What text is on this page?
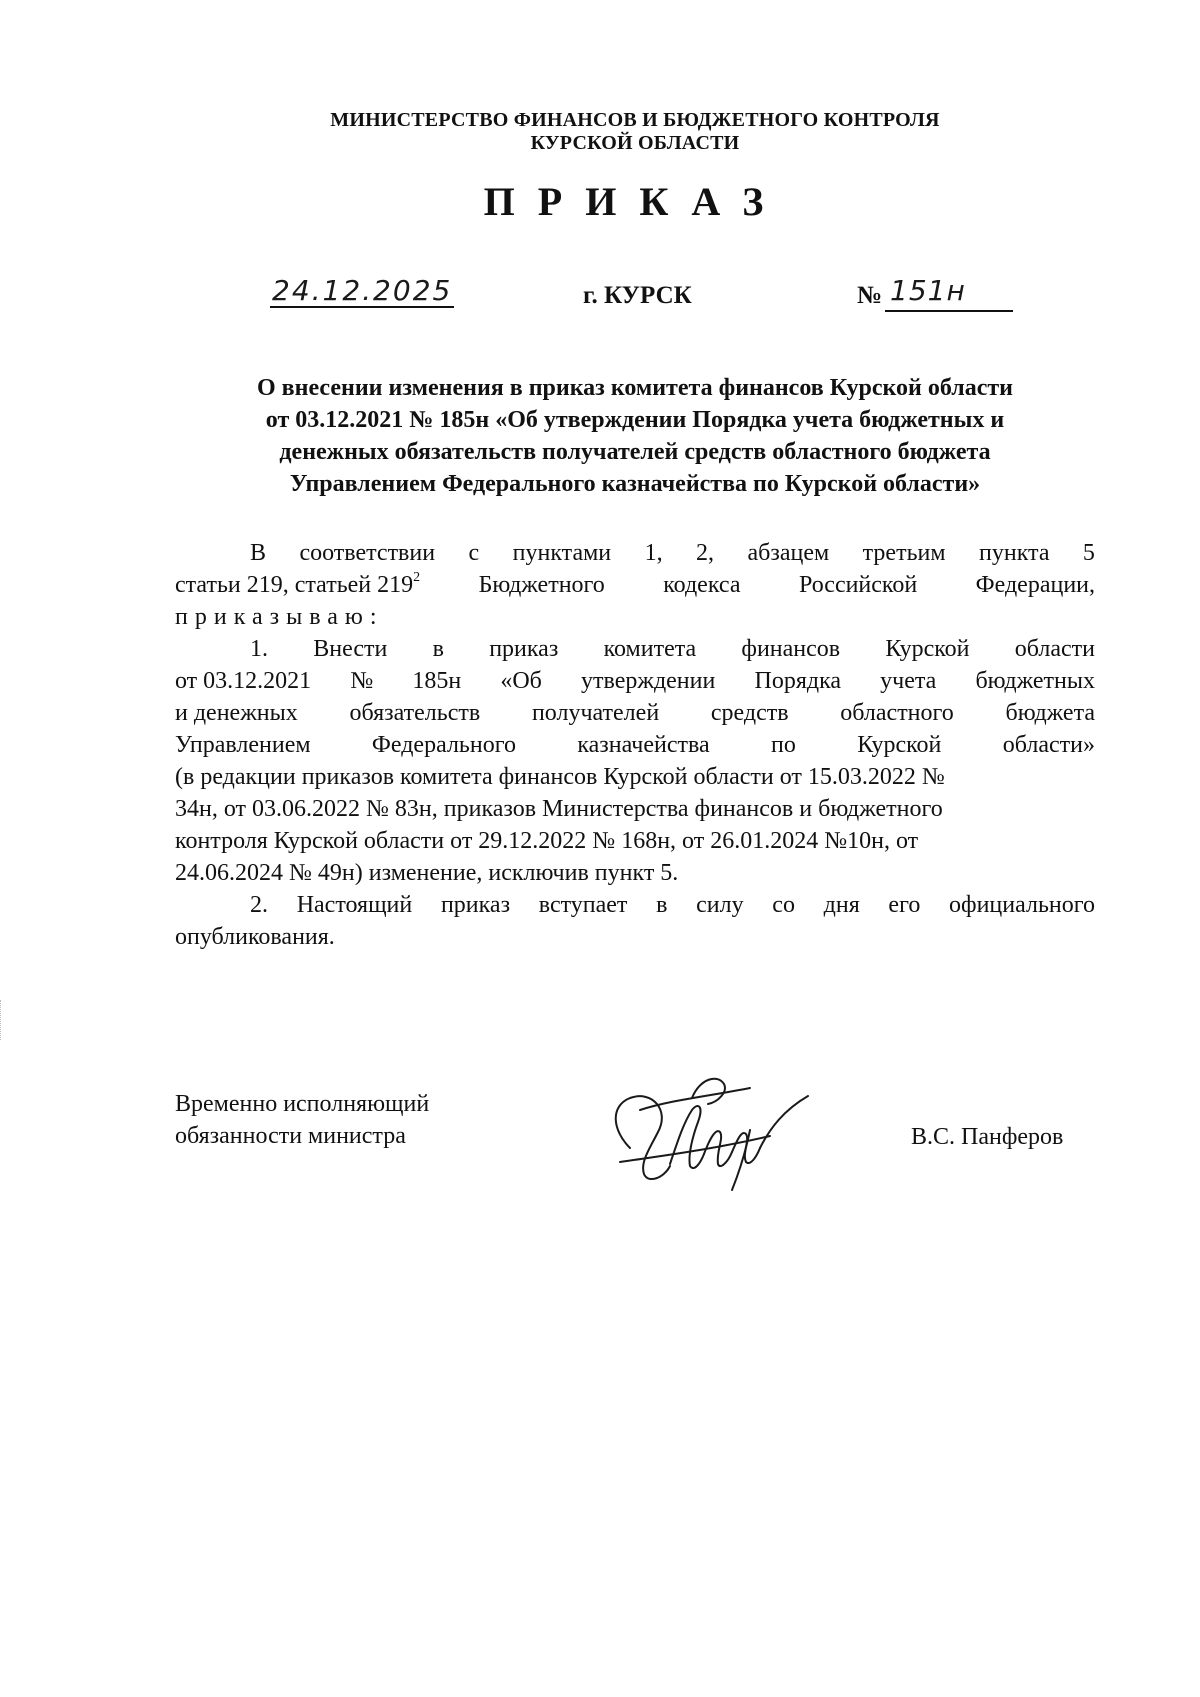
МИНИСТЕРСТВО ФИНАНСОВ И БЮДЖЕТНОГО КОНТРОЛЯ
КУРСКОЙ ОБЛАСТИ
ПРИКАЗ
24.12.2025	г. КУРСК	№ 151н
О внесении изменения в приказ комитета финансов Курской области
от 03.12.2021 № 185н «Об утверждении Порядка учета бюджетных и
денежных обязательств получателей средств областного бюджета
Управлением Федерального казначейства по Курской области»
В соответствии с пунктами 1, 2, абзацем третьим пункта 5
статьи 219, статьей $219^2$ Бюджетного кодекса Российской Федерации,
приказываю:
1. Внести в приказ комитета финансов Курской области
от 03.12.2021 № 185н «Об утверждении Порядка учета бюджетных
и денежных обязательств получателей средств областного бюджета
Управлением	Федерального	казначейства	по	Курской	области»
(в редакции приказов комитета финансов Курской области от 15.03.2022 №
34н, от 03.06.2022 № 83н, приказов Министерства финансов и бюджетного
контроля Курской области от 29.12.2022 № 168н, от 26.01.2024 №10н, от
24.06.2024 № 49н) изменение, исключив пункт 5.
2. Настоящий приказ вступает в силу со дня его официального
опубликования.
Временно исполняющий
обязанности министра	В.С. Панферов
